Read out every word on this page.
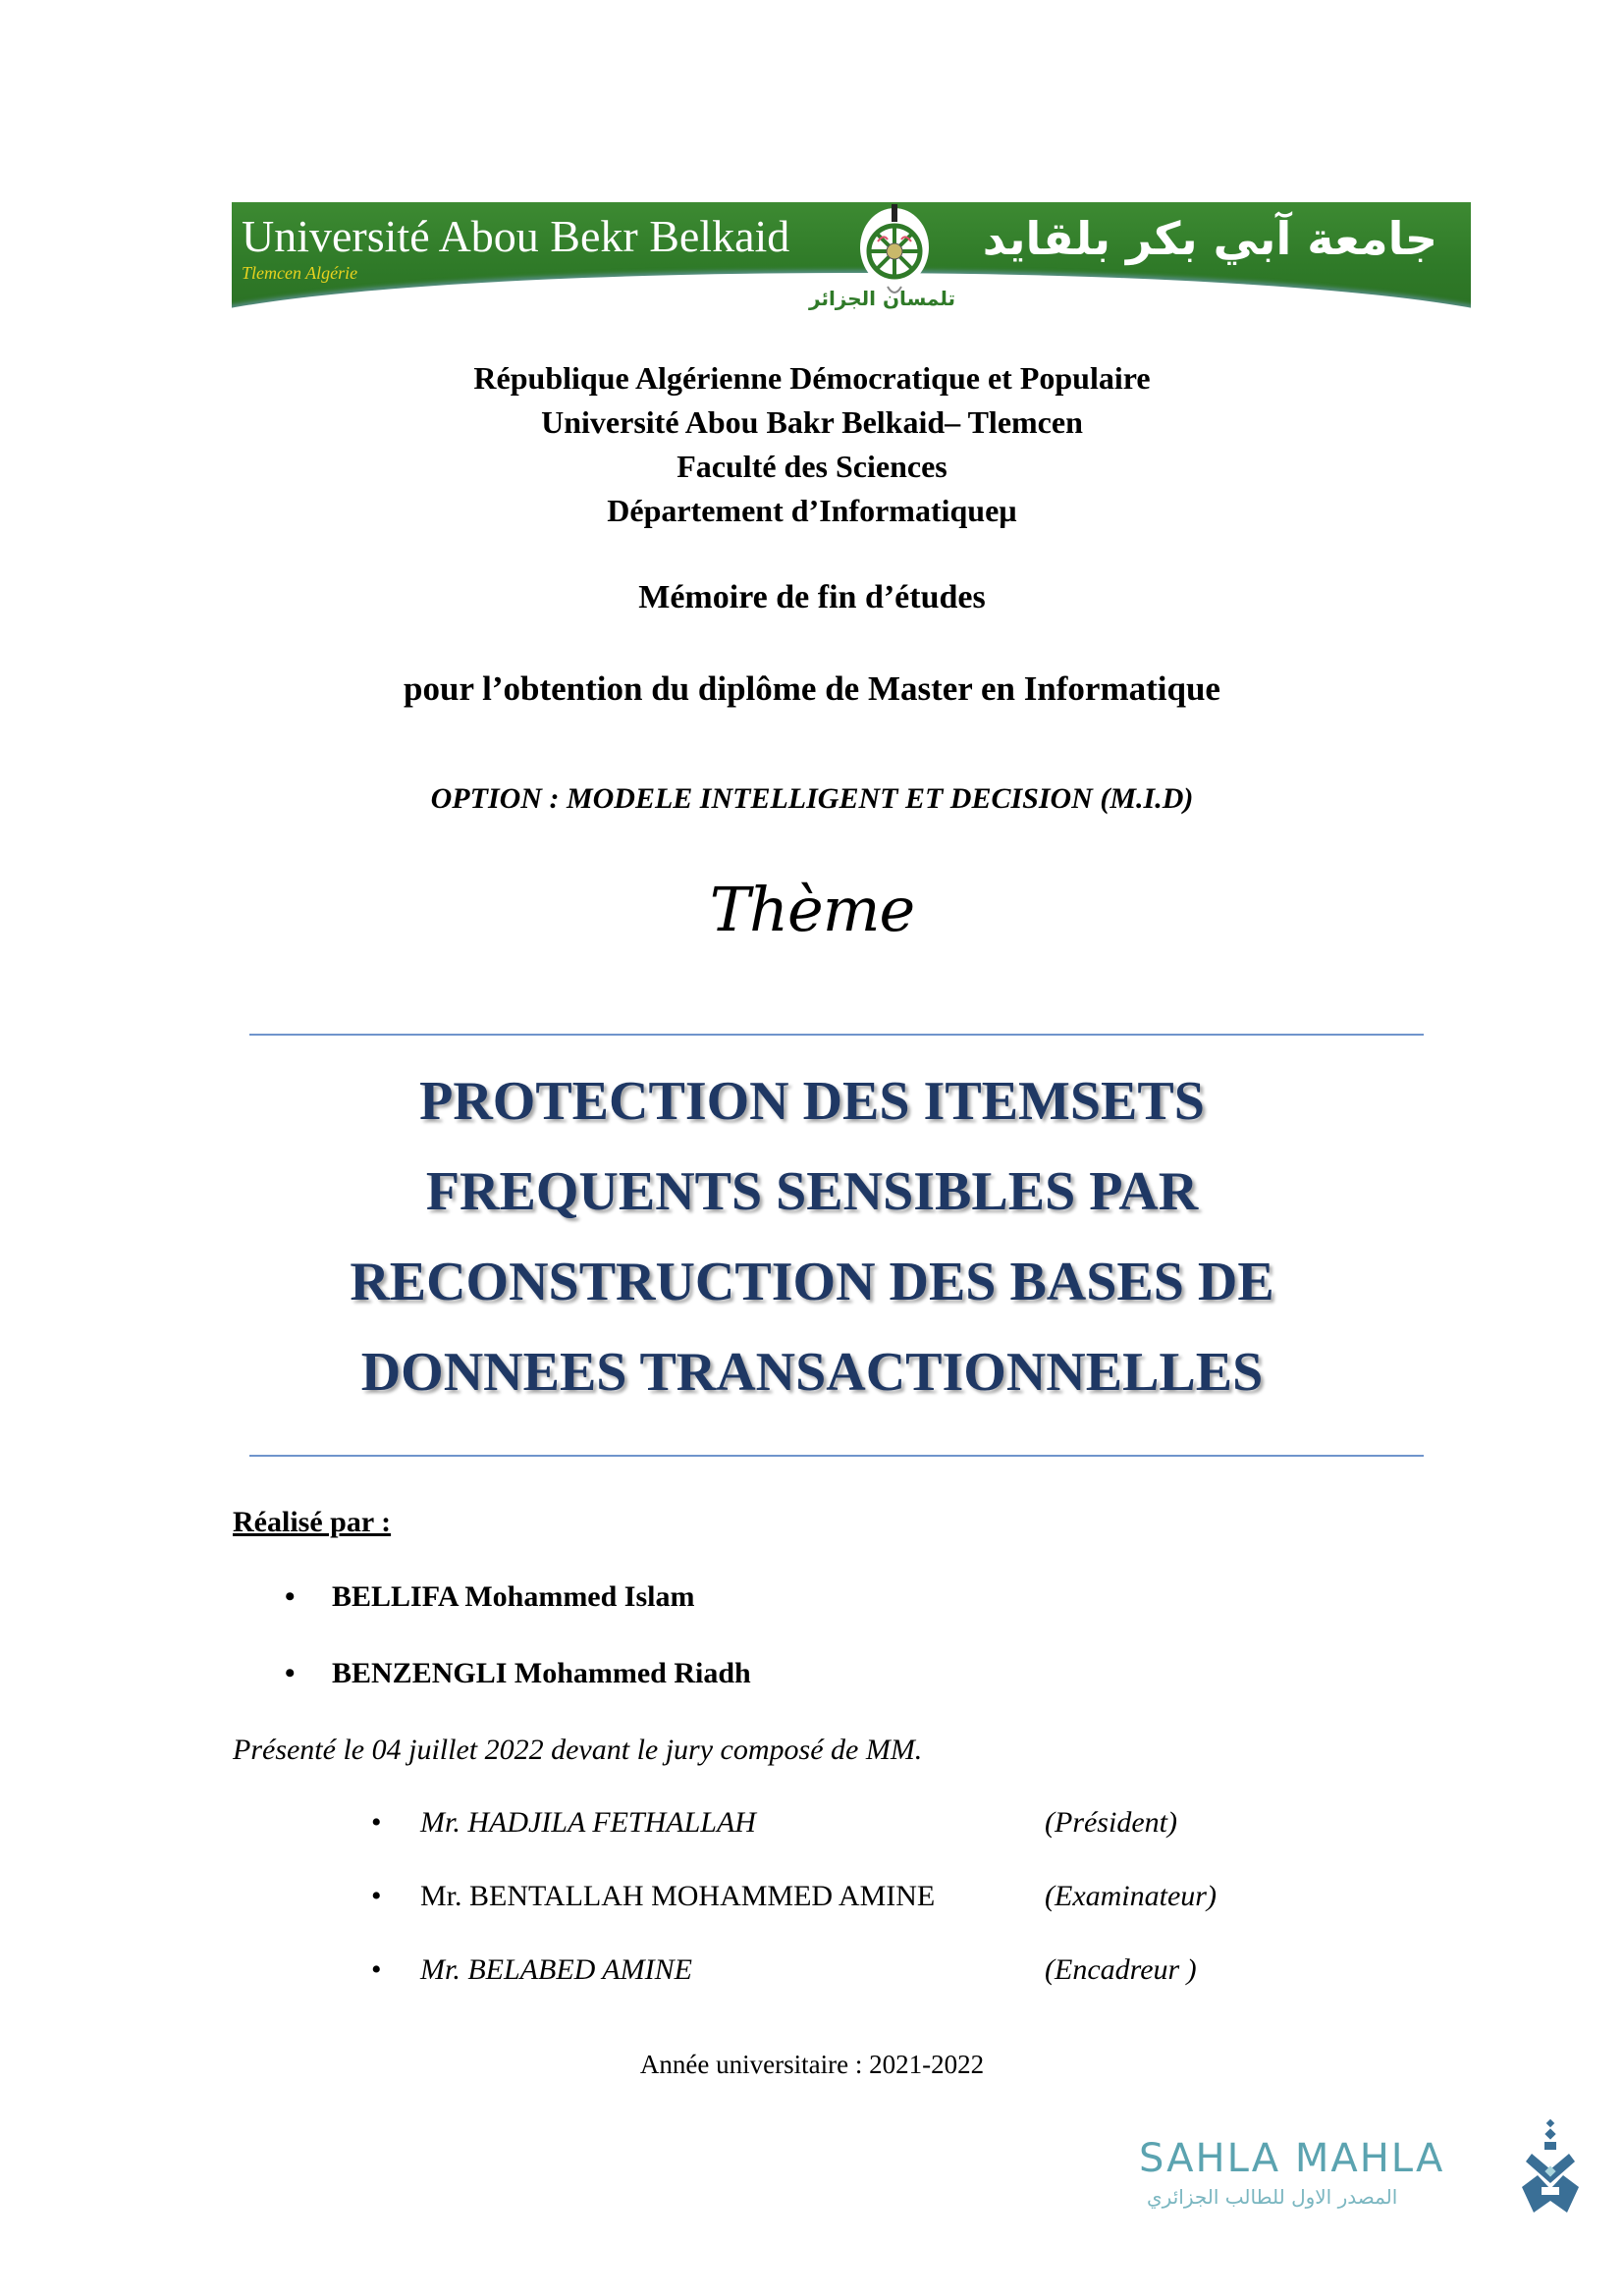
Université Abou Bekr Belkaid
Tlemcen Algérie
جامعة آبي بكر بلقايد
تلمسان الجزائر
République Algérienne Démocratique et Populaire
Université Abou Bakr Belkaid– Tlemcen
Faculté des Sciences
Département d’Informatiqueµ
Mémoire de fin d’études
pour l’obtention du diplôme de Master en Informatique
OPTION : MODELE INTELLIGENT ET DECISION (M.I.D)
Thème
PROTECTION DES ITEMSETS
FREQUENTS SENSIBLES PAR
RECONSTRUCTION DES BASES DE
DONNEES TRANSACTIONNELLES
Réalisé par :
• BELLIFA Mohammed Islam
• BENZENGLI Mohammed Riadh
Présenté le 04 juillet 2022 devant le jury composé de MM.
• Mr. HADJILA FETHALLAH	(Président)
• Mr. BENTALLAH MOHAMMED AMINE	(Examinateur)
• Mr. BELABED AMINE	(Encadreur )
Année universitaire : 2021-2022
SAHLA MAHLA
المصدر الاول للطالب الجزائري
